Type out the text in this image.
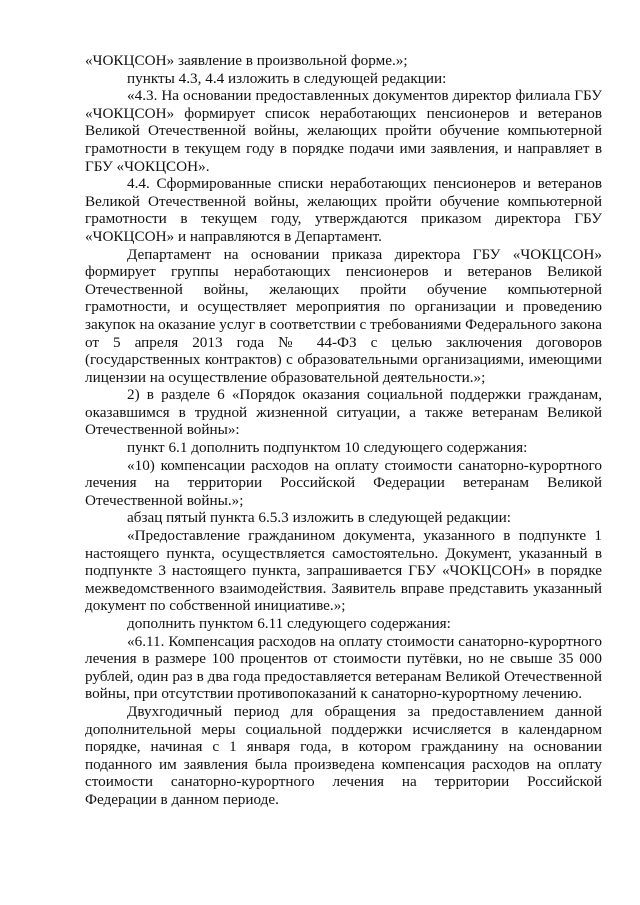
«ЧОКЦСОН» заявление в произвольной форме.»;

пункты 4.3, 4.4 изложить в следующей редакции:

«4.3. На основании предоставленных документов директор филиала ГБУ «ЧОКЦСОН» формирует список неработающих пенсионеров и ветеранов Великой Отечественной войны, желающих пройти обучение компьютерной грамотности в текущем году в порядке подачи ими заявления, и направляет в ГБУ «ЧОКЦСОН».

4.4. Сформированные списки неработающих пенсионеров и ветеранов Великой Отечественной войны, желающих пройти обучение компьютерной грамотности в текущем году, утверждаются приказом директора ГБУ «ЧОКЦСОН» и направляются в Департамент.

Департамент на основании приказа директора ГБУ «ЧОКЦСОН» формирует группы неработающих пенсионеров и ветеранов Великой Отечественной войны, желающих пройти обучение компьютерной грамотности, и осуществляет мероприятия по организации и проведению закупок на оказание услуг в соответствии с требованиями Федерального закона от 5 апреля 2013 года № 44-ФЗ с целью заключения договоров (государственных контрактов) с образовательными организациями, имеющими лицензии на осуществление образовательной деятельности.»;

2) в разделе 6 «Порядок оказания социальной поддержки гражданам, оказавшимся в трудной жизненной ситуации, а также ветеранам Великой Отечественной войны»:

пункт 6.1 дополнить подпунктом 10 следующего содержания:

«10) компенсации расходов на оплату стоимости санаторно-курортного лечения на территории Российской Федерации ветеранам Великой Отечественной войны.»;

абзац пятый пункта 6.5.3 изложить в следующей редакции:

«Предоставление гражданином документа, указанного в подпункте 1 настоящего пункта, осуществляется самостоятельно. Документ, указанный в подпункте 3 настоящего пункта, запрашивается ГБУ «ЧОКЦСОН» в порядке межведомственного взаимодействия. Заявитель вправе представить указанный документ по собственной инициативе.»;

дополнить пунктом 6.11 следующего содержания:

«6.11. Компенсация расходов на оплату стоимости санаторно-курортного лечения в размере 100 процентов от стоимости путёвки, но не свыше 35 000 рублей, один раз в два года предоставляется ветеранам Великой Отечественной войны, при отсутствии противопоказаний к санаторно-курортному лечению.

Двухгодичный период для обращения за предоставлением данной дополнительной меры социальной поддержки исчисляется в календарном порядке, начиная с 1 января года, в котором гражданину на основании поданного им заявления была произведена компенсация расходов на оплату стоимости санаторно-курортного лечения на территории Российской Федерации в данном периоде.
